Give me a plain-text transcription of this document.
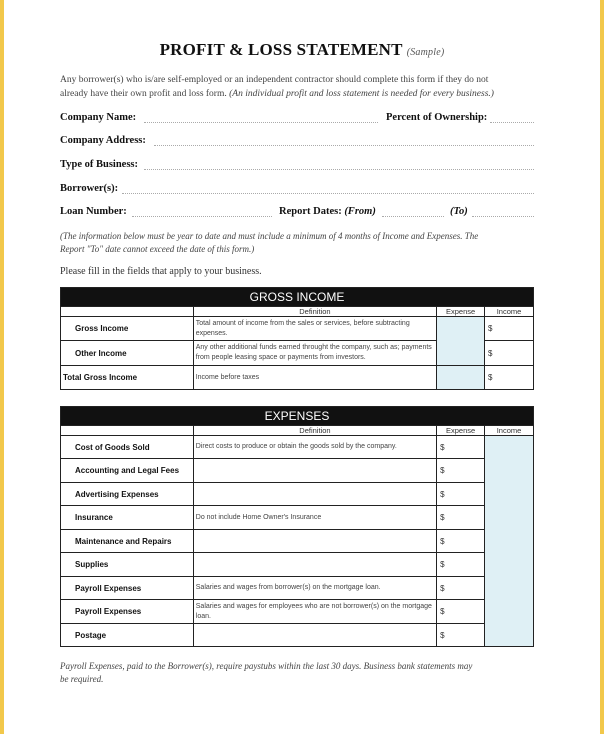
PROFIT & LOSS STATEMENT (Sample)
Any borrower(s) who is/are self-employed or an independent contractor should complete this form if they do not
already have their own profit and loss form. (An individual profit and loss statement is needed for every business.)
Company Name:	Percent of Ownership:
Company Address:
Type of Business:
Borrower(s):
Loan Number:	Report Dates: (From)	(To)
(The information below must be year to date and must include a minimum of 4 months of Income and Expenses. The
Report "To" date cannot exceed the date of this form.)
Please fill in the fields that apply to your business.
GROSS INCOME			
	Definition	Expense	Income
Gross Income	Total amount of income from the sales or services, before subtracting expenses.		$
Other Income	Any other additional funds earned throught the company, such as; payments from people leasing space or payments from investors.		$
Total Gross Income	Income before taxes		$
EXPENSES			
	Definition	Expense	Income
Cost of Goods Sold	Direct costs to produce or obtain the goods sold by the company.	$	
Accounting and Legal Fees		$	
Advertising Expenses		$	
Insurance	Do not include Home Owner's Insurance	$	
Maintenance and Repairs		$	
Supplies		$	
Payroll Expenses	Salaries and wages from borrower(s) on the mortgage loan.	$	
Payroll Expenses	Salaries and wages for employees who are not borrower(s) on the mortgage loan.	$	
Postage		$	
Payroll Expenses, paid to the Borrower(s), require paystubs within the last 30 days. Business bank statements may
be required.
